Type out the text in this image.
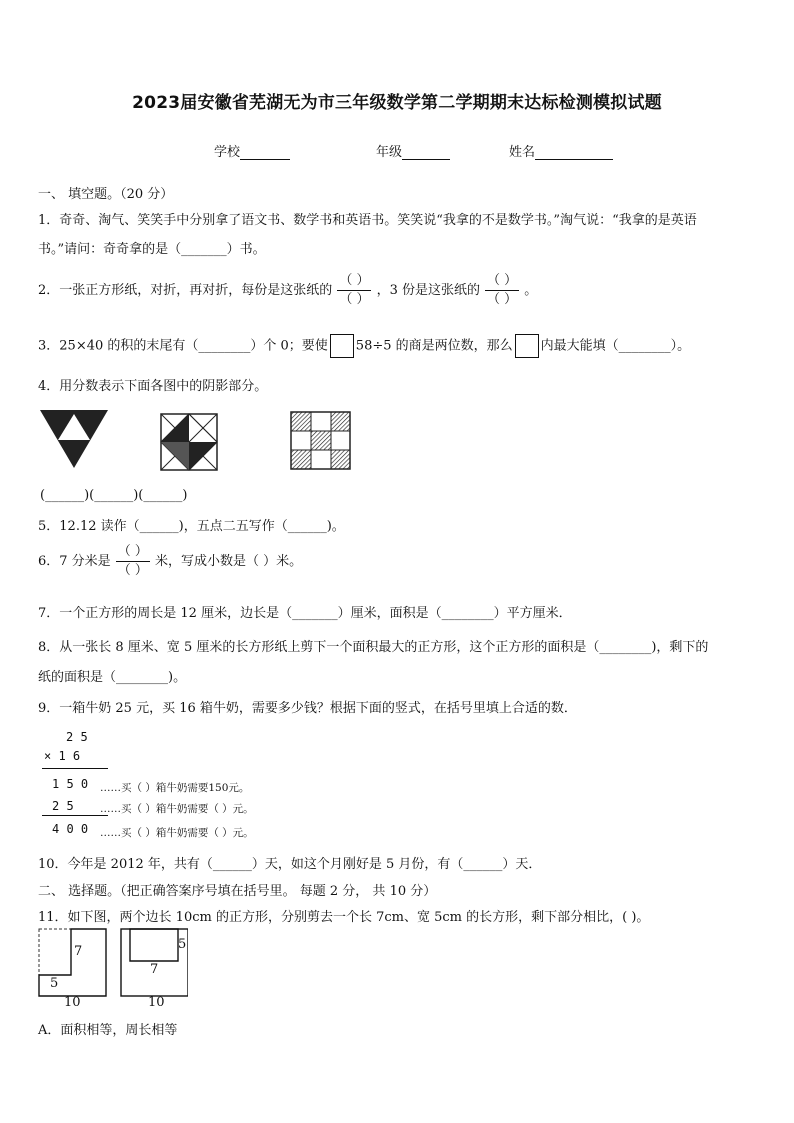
2023届安徽省芜湖无为市三年级数学第二学期期末达标检测模拟试题
学校	年级	姓名
一、 填空题。（20 分）
1．奇奇、淘气、笑笑手中分别拿了语文书、数学书和英语书。笑笑说“我拿的不是数学书。”淘气说：“我拿的是英语
书。”请问：奇奇拿的是（_______）书。
2．一张正方形纸，对折，再对折，每份是这张纸的 $\frac{( )}{( )}$ ，3 份是这张纸的 $\frac{( )}{( )}$ 。
3．25×40 的积的末尾有（________）个 0；要使 58÷5 的商是两位数，那么 内最大能填（________）。
4．用分数表示下面各图中的阴影部分。
(______)(______)(______)
5．12.12 读作（______)，五点二五写作（______)。
6．7 分米是 $\frac{( )}{( )}$ 米，写成小数是（ ）米。
7．一个正方形的周长是 12 厘米，边长是（_______）厘米，面积是（________）平方厘米．
8．从一张长 8 厘米、宽 5 厘米的长方形纸上剪下一个面积最大的正方形，这个正方形的面积是（________)，剩下的
纸的面积是（________)。
9．一箱牛奶 25 元，买 16 箱牛奶，需要多少钱？根据下面的竖式，在括号里填上合适的数．
2 5
× 1 6
1 5 0
2 5
4 0 0
……买（ ）箱牛奶需要150元。
……买（ ）箱牛奶需要（ ）元。
……买（ ）箱牛奶需要（ ）元。
10．今年是 2012 年，共有（______）天，如这个月刚好是 5 月份，有（______）天．
二、 选择题。（把正确答案序号填在括号里。 每题 2 分， 共 10 分）
11．如下图，两个边长 10cm 的正方形，分别剪去一个长 7cm、宽 5cm 的长方形，剩下部分相比，( )。
7
5
10
5
7
10
A．面积相等，周长相等
